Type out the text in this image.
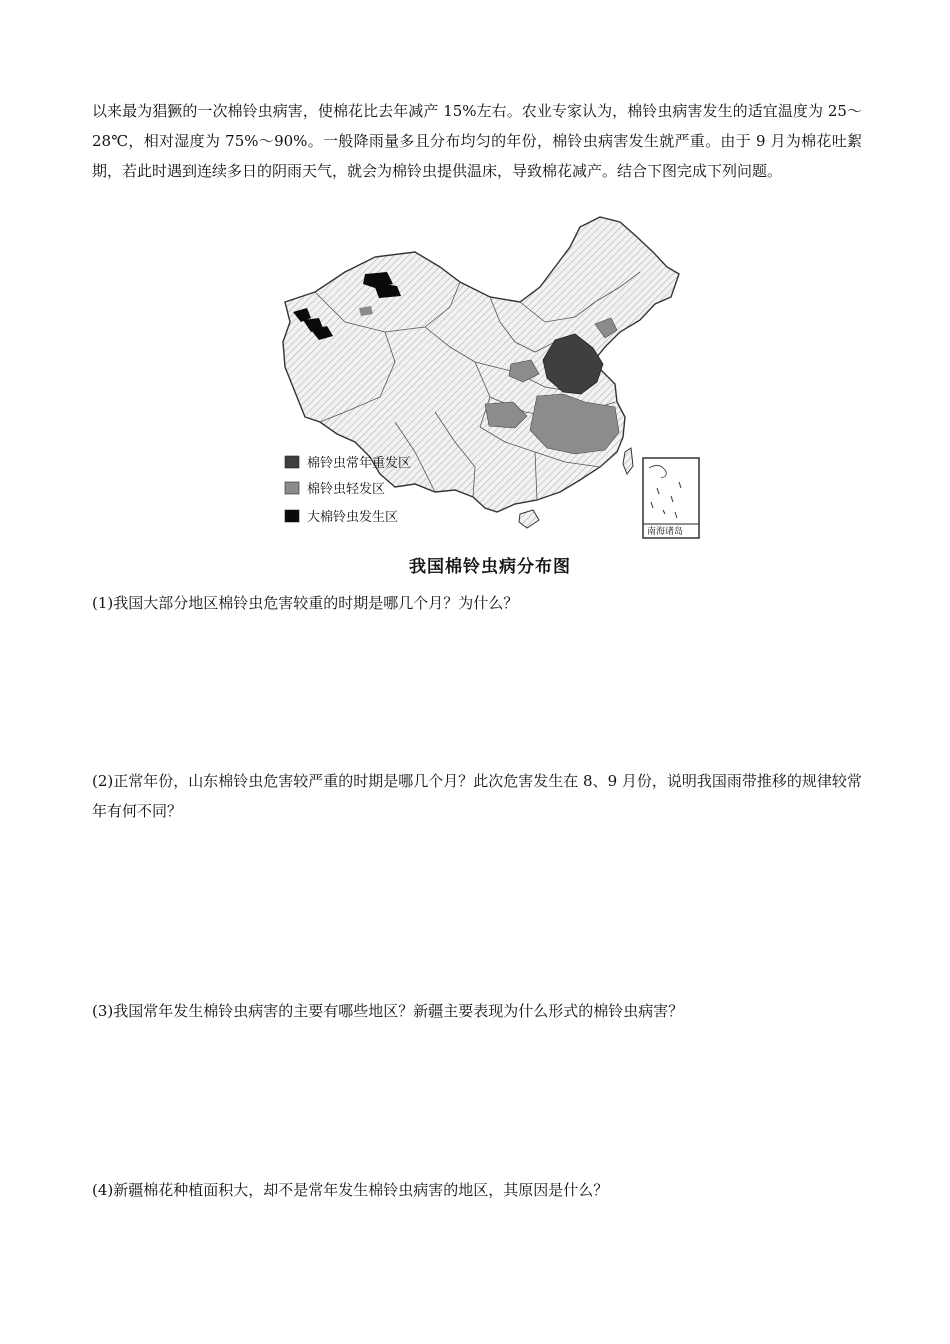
以来最为猖獗的一次棉铃虫病害，使棉花比去年减产 15%左右。农业专家认为，棉铃虫病害发生的适宜温度为 25～28℃，相对湿度为 75%～90%。一般降雨量多且分布均匀的年份，棉铃虫病害发生就严重。由于 9 月为棉花吐絮期，若此时遇到连续多日的阴雨天气，就会为棉铃虫提供温床，导致棉花减产。结合下图完成下列问题。

棉铃虫常年重发区
棉铃虫轻发区
大棉铃虫发生区
南海诸岛
我国棉铃虫病分布图

(1)我国大部分地区棉铃虫危害较重的时期是哪几个月？为什么？

(2)正常年份，山东棉铃虫危害较严重的时期是哪几个月？此次危害发生在 8、9 月份，说明我国雨带推移的规律较常年有何不同？

(3)我国常年发生棉铃虫病害的主要有哪些地区？新疆主要表现为什么形式的棉铃虫病害？

(4)新疆棉花种植面积大，却不是常年发生棉铃虫病害的地区，其原因是什么？
